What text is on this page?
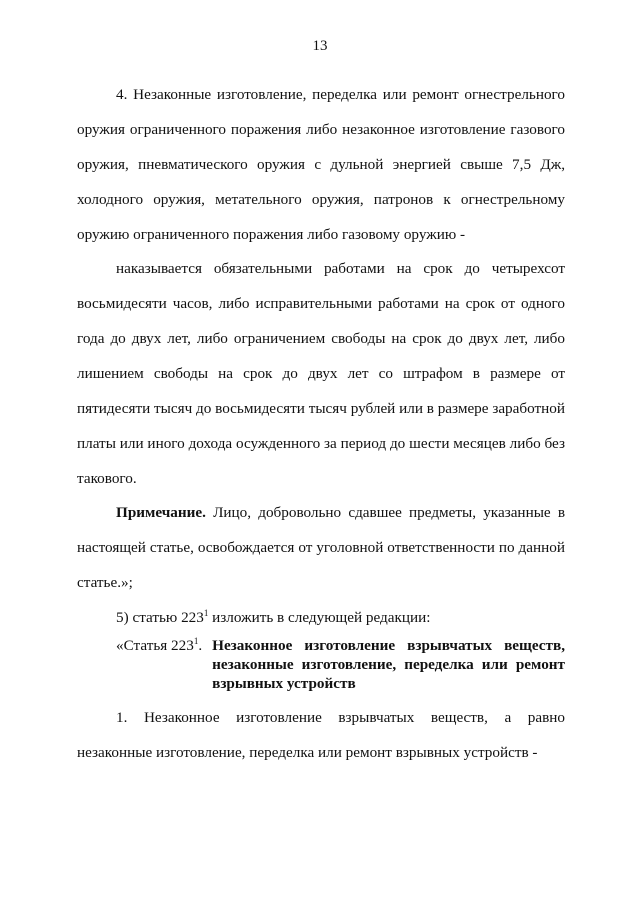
13

4. Незаконные изготовление, переделка или ремонт огнестрельного оружия ограниченного поражения либо незаконное изготовление газового оружия, пневматического оружия с дульной энергией свыше 7,5 Дж, холодного оружия, метательного оружия, патронов к огнестрельному оружию ограниченного поражения либо газовому оружию -

наказывается обязательными работами на срок до четырехсот восьмидесяти часов, либо исправительными работами на срок от одного года до двух лет, либо ограничением свободы на срок до двух лет, либо лишением свободы на срок до двух лет со штрафом в размере от пятидесяти тысяч до восьмидесяти тысяч рублей или в размере заработной платы или иного дохода осужденного за период до шести месяцев либо без такового.

Примечание. Лицо, добровольно сдавшее предметы, указанные в настоящей статье, освобождается от уголовной ответственности по данной статье.»;

5) статью $223^1$ изложить в следующей редакции:

«Статья $223^1$. Незаконное изготовление взрывчатых веществ, незаконные изготовление, переделка или ремонт взрывных устройств

1. Незаконное изготовление взрывчатых веществ, а равно незаконные изготовление, переделка или ремонт взрывных устройств -
